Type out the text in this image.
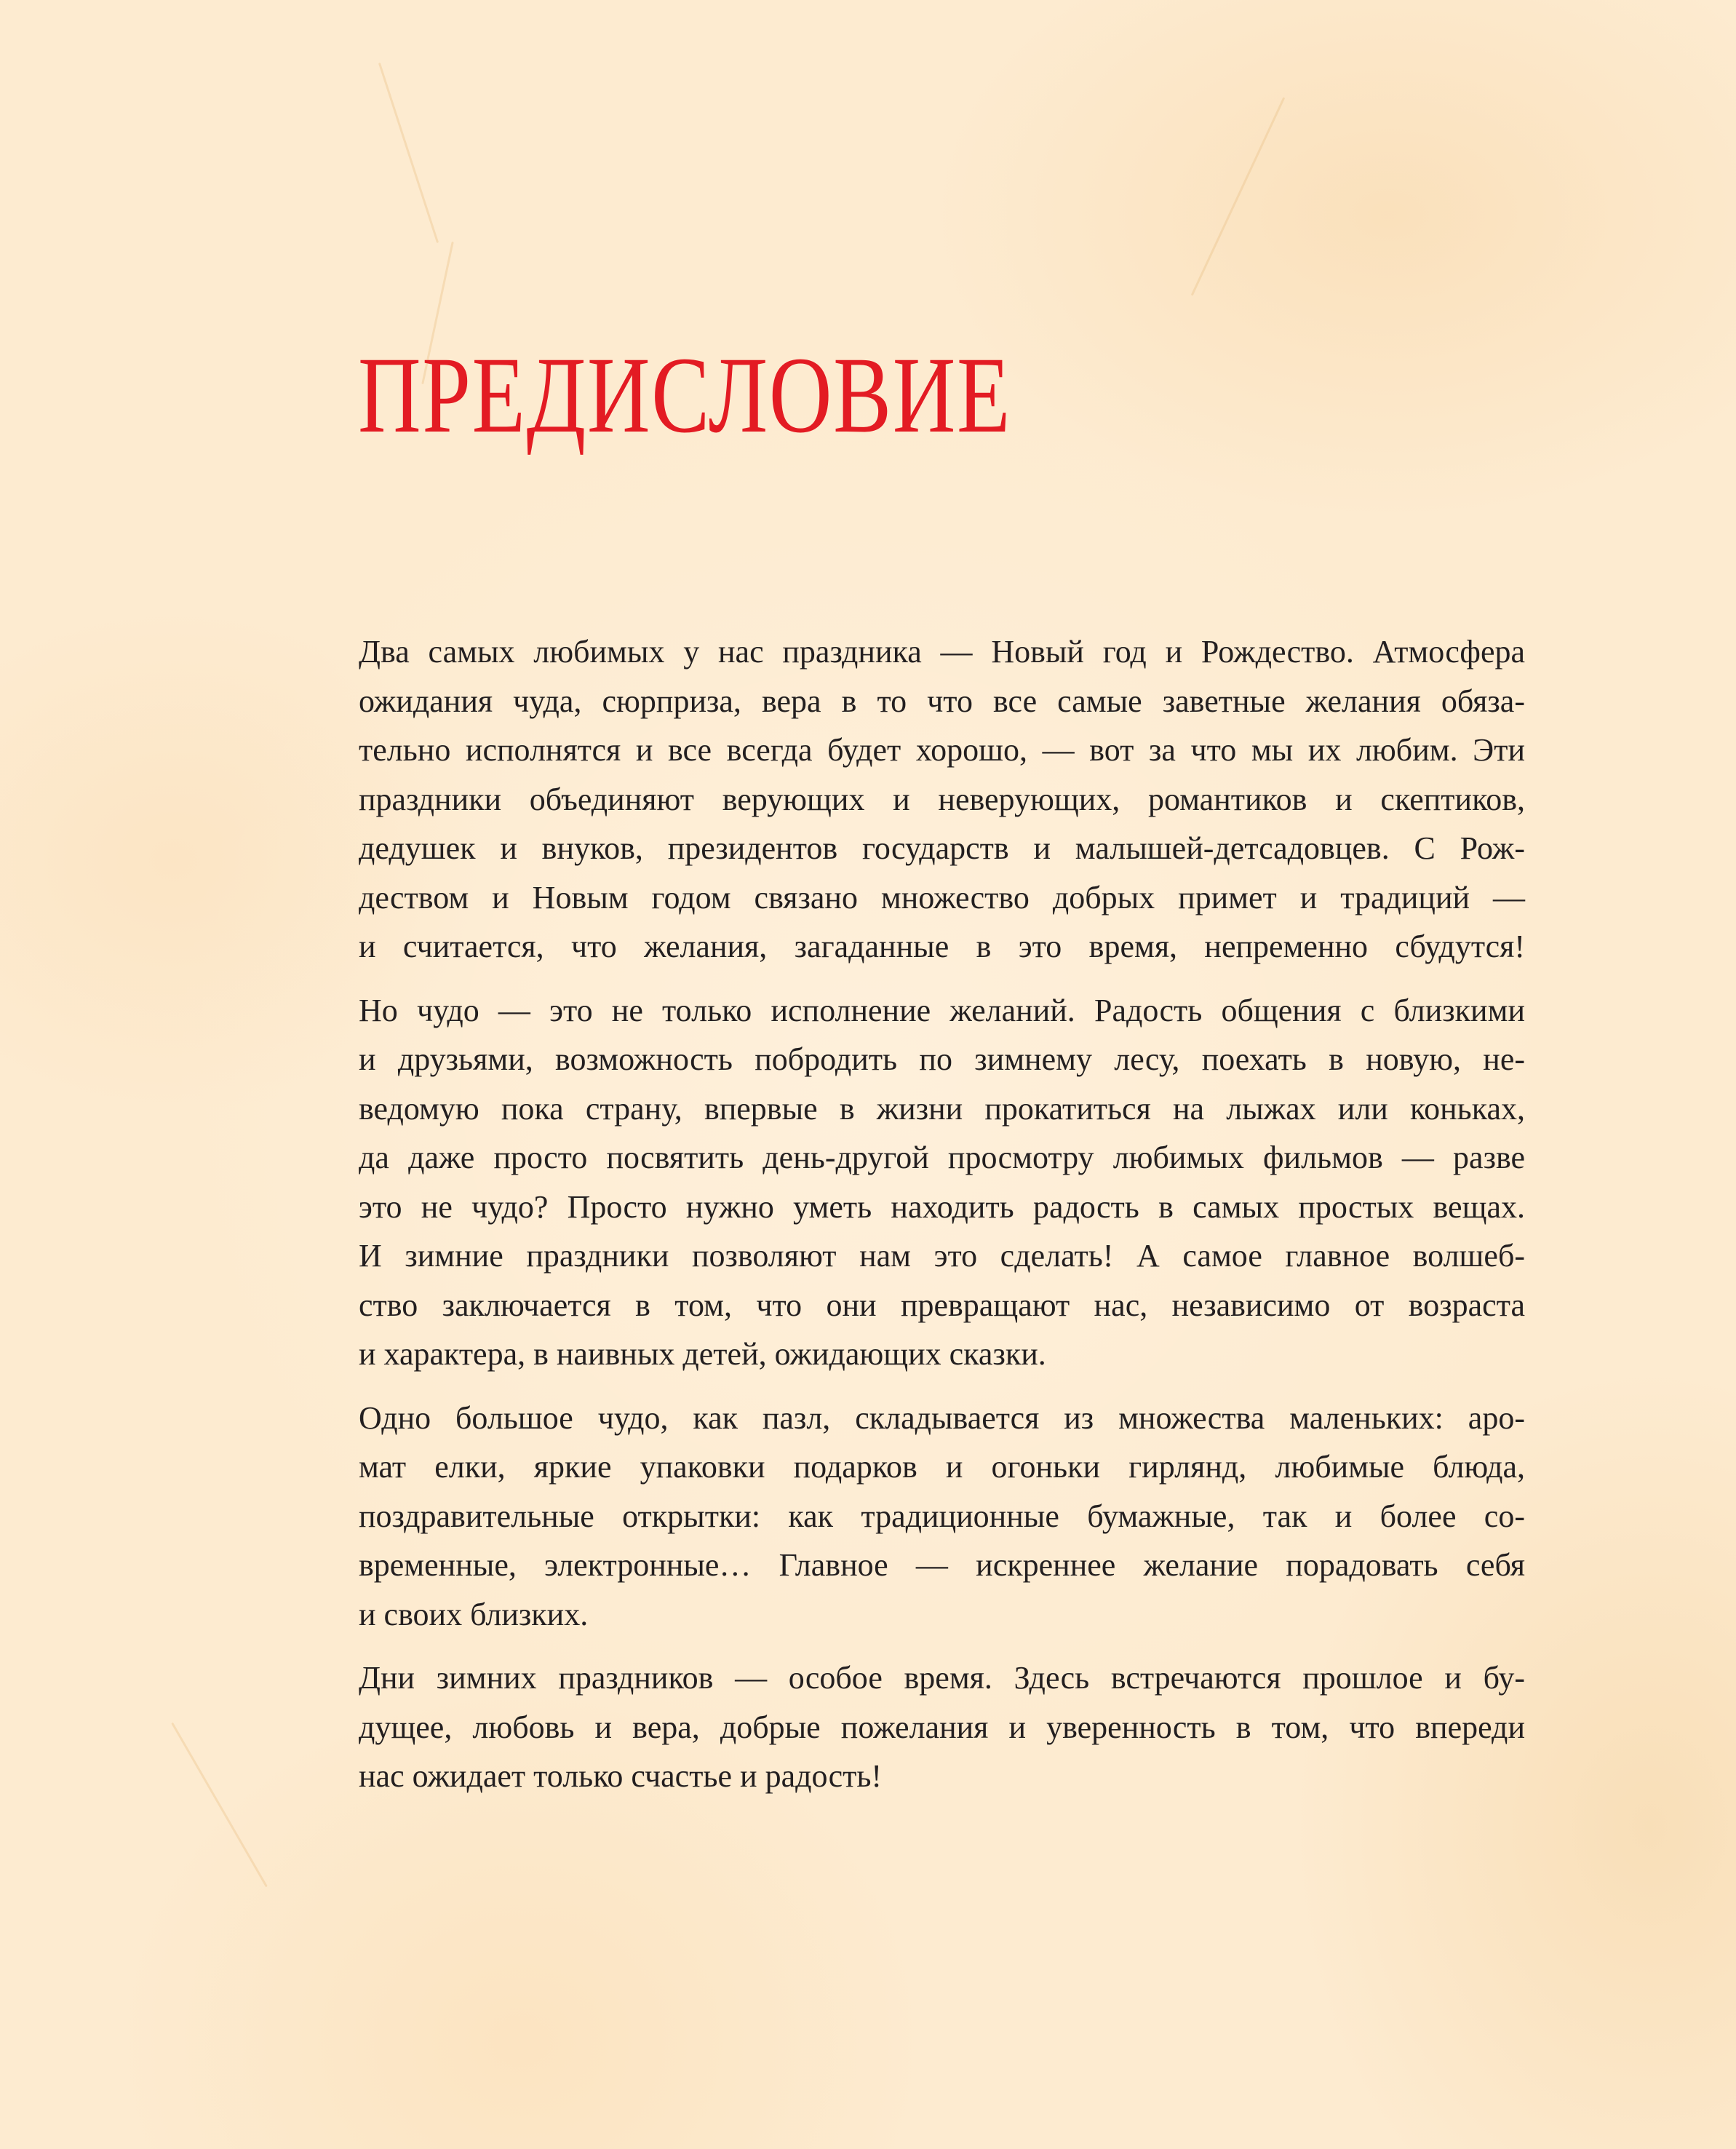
ПРЕДИСЛОВИЕ

Два самых любимых у нас праздника — Новый год и Рождество. Атмосфера
ожидания чуда, сюрприза, вера в то что все самые заветные желания обяза-
тельно исполнятся и все всегда будет хорошо, — вот за что мы их любим. Эти
праздники объединяют верующих и неверующих, романтиков и скептиков,
дедушек и внуков, президентов государств и малышей-детсадовцев. С Рож-
деством и Новым годом связано множество добрых примет и традиций —
и считается, что желания, загаданные в это время, непременно сбудутся!

Но чудо — это не только исполнение желаний. Радость общения с близкими
и друзьями, возможность побродить по зимнему лесу, поехать в новую, не-
ведомую пока страну, впервые в жизни прокатиться на лыжах или коньках,
да даже просто посвятить день-другой просмотру любимых фильмов — разве
это не чудо? Просто нужно уметь находить радость в самых простых вещах.
И зимние праздники позволяют нам это сделать! А самое главное волшеб-
ство заключается в том, что они превращают нас, независимо от возраста
и характера, в наивных детей, ожидающих сказки.

Одно большое чудо, как пазл, складывается из множества маленьких: аро-
мат елки, яркие упаковки подарков и огоньки гирлянд, любимые блюда,
поздравительные открытки: как традиционные бумажные, так и более со-
временные, электронные… Главное — искреннее желание порадовать себя
и своих близких.

Дни зимних праздников — особое время. Здесь встречаются прошлое и бу-
дущее, любовь и вера, добрые пожелания и уверенность в том, что впереди
нас ожидает только счастье и радость!
